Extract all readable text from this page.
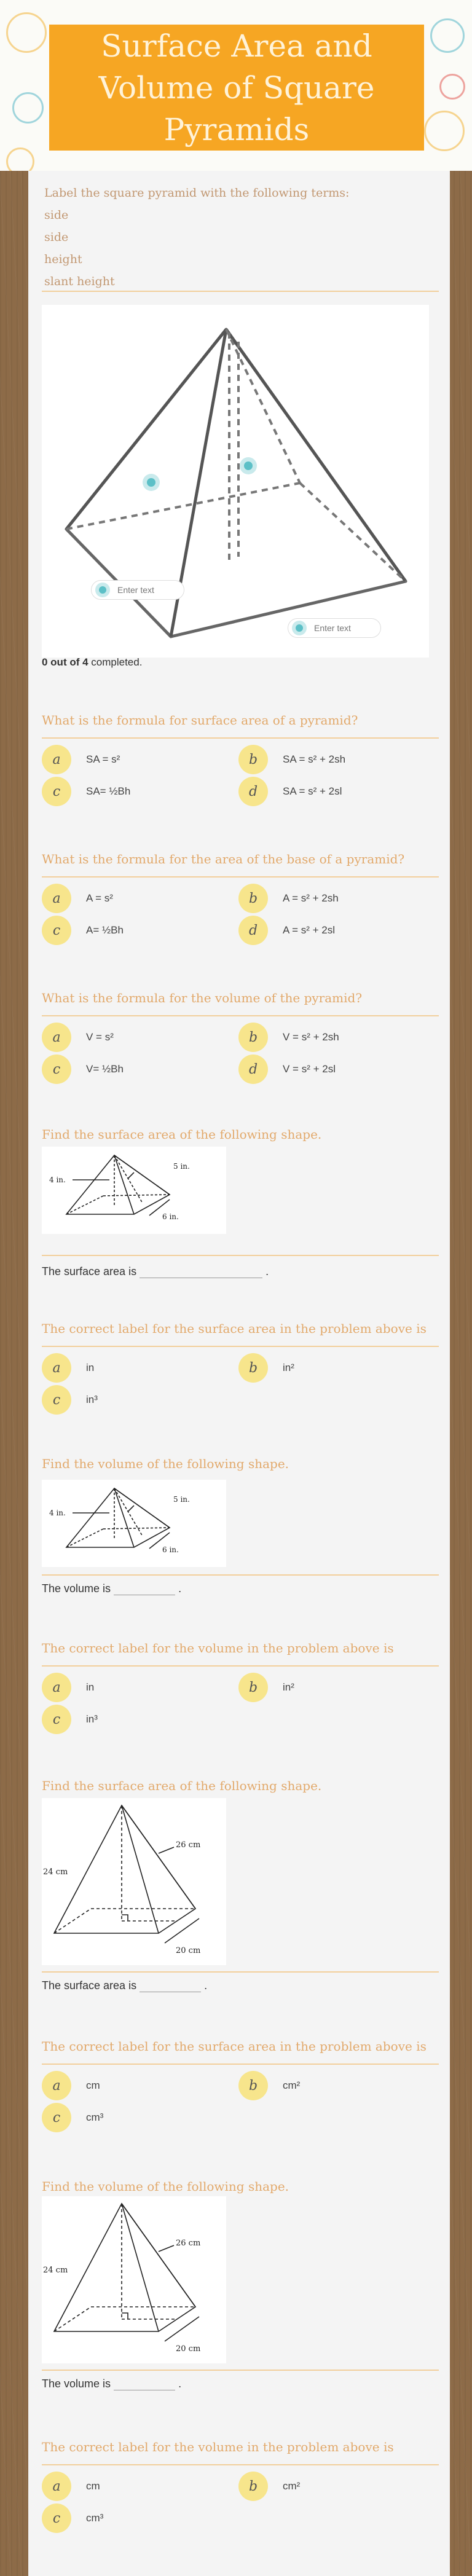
Surface Area and Volume of Square Pyramids
Label the square pyramid with the following terms:
side
side
height
slant height
Enter text
Enter text
0 out of 4 completed.
What is the formula for surface area of a pyramid?
a	SA = s²	b	SA = s² + 2sh
c	SA= ½Bh	d	SA = s² + 2sl
What is the formula for the area of the base of a pyramid?
a	A = s²	b	A = s² + 2sh
c	A= ½Bh	d	A = s² + 2sl
What is the formula for the volume of the pyramid?
a	V = s²	b	V = s² + 2sh
c	V= ½Bh	d	V = s² + 2sl
Find the surface area of the following shape.
4 in.
5 in.
6 in.
The surface area is	.
The correct label for the surface area in the problem above is
a	in	b	in²
c	in³
Find the volume of the following shape.
4 in.
5 in.
6 in.
The volume is	.
The correct label for the volume in the problem above is
a	in	b	in²
c	in³
Find the surface area of the following shape.
24 cm
26 cm
20 cm
The surface area is	.
The correct label for the surface area in the problem above is
a	cm	b	cm²
c	cm³
Find the volume of the following shape.
24 cm
26 cm
20 cm
The volume is	.
The correct label for the volume in the problem above is
a	cm	b	cm²
c	cm³
